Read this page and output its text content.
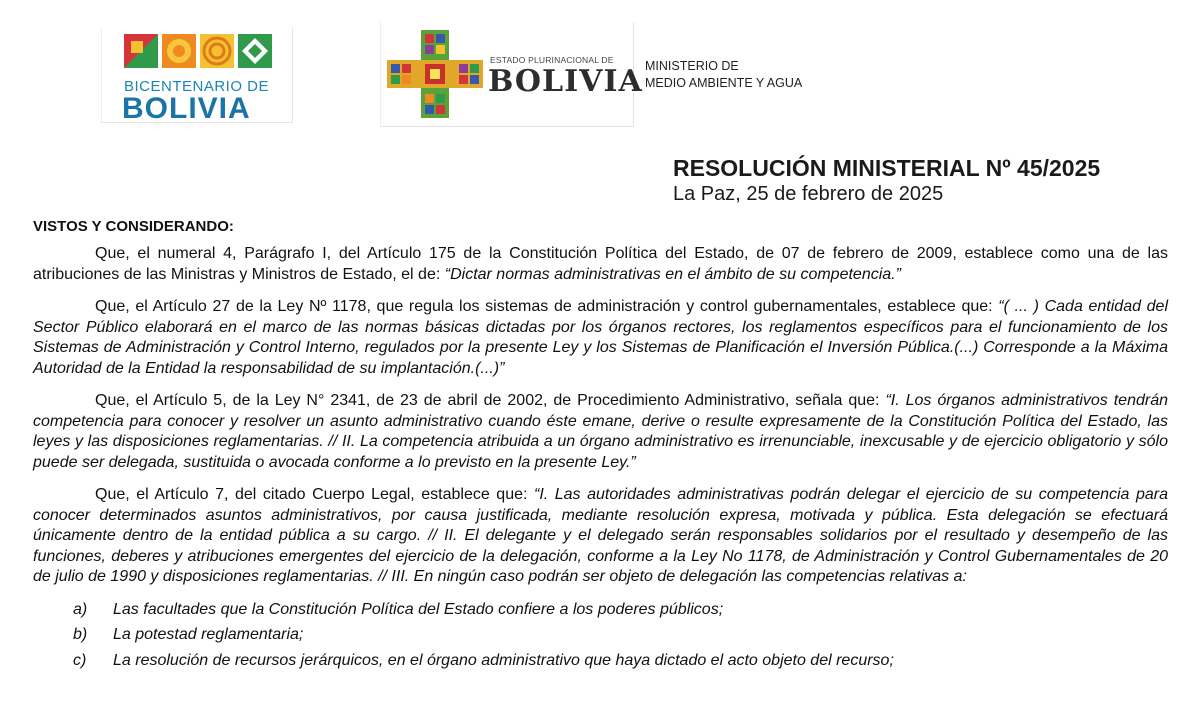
BICENTENARIO DE
BOLIVIA
ESTADO PLURINACIONAL DE
BOLIVIA MINISTERIO DE
MEDIO AMBIENTE Y AGUA
RESOLUCIÓN MINISTERIAL Nº 45/2025
La Paz, 25 de febrero de 2025
VISTOS Y CONSIDERANDO:

Que, el numeral 4, Parágrafo I, del Artículo 175 de la Constitución Política del Estado, de 07 de febrero de 2009, establece como una de las atribuciones de las Ministras y Ministros de Estado, el de: “Dictar normas administrativas en el ámbito de su competencia.”

Que, el Artículo 27 de la Ley Nº 1178, que regula los sistemas de administración y control gubernamentales, establece que: “( ... ) Cada entidad del Sector Público elaborará en el marco de las normas básicas dictadas por los órganos rectores, los reglamentos específicos para el funcionamiento de los Sistemas de Administración y Control Interno, regulados por la presente Ley y los Sistemas de Planificación el Inversión Pública.(...) Corresponde a la Máxima Autoridad de la Entidad la responsabilidad de su implantación.(...)”

Que, el Artículo 5, de la Ley N° 2341, de 23 de abril de 2002, de Procedimiento Administrativo, señala que: “I. Los órganos administrativos tendrán competencia para conocer y resolver un asunto administrativo cuando éste emane, derive o resulte expresamente de la Constitución Política del Estado, las leyes y las disposiciones reglamentarias. // II. La competencia atribuida a un órgano administrativo es irrenunciable, inexcusable y de ejercicio obligatorio y sólo puede ser delegada, sustituida o avocada conforme a lo previsto en la presente Ley.”

Que, el Artículo 7, del citado Cuerpo Legal, establece que: “I. Las autoridades administrativas podrán delegar el ejercicio de su competencia para conocer determinados asuntos administrativos, por causa justificada, mediante resolución expresa, motivada y pública. Esta delegación se efectuará únicamente dentro de la entidad pública a su cargo. // II. El delegante y el delegado serán responsables solidarios por el resultado y desempeño de las funciones, deberes y atribuciones emergentes del ejercicio de la delegación, conforme a la Ley No 1178, de Administración y Control Gubernamentales de 20 de julio de 1990 y disposiciones reglamentarias. // III. En ningún caso podrán ser objeto de delegación las competencias relativas a:

a)	Las facultades que la Constitución Política del Estado confiere a los poderes públicos;
b)	La potestad reglamentaria;
c)	La resolución de recursos jerárquicos, en el órgano administrativo que haya dictado el acto objeto del recurso;
